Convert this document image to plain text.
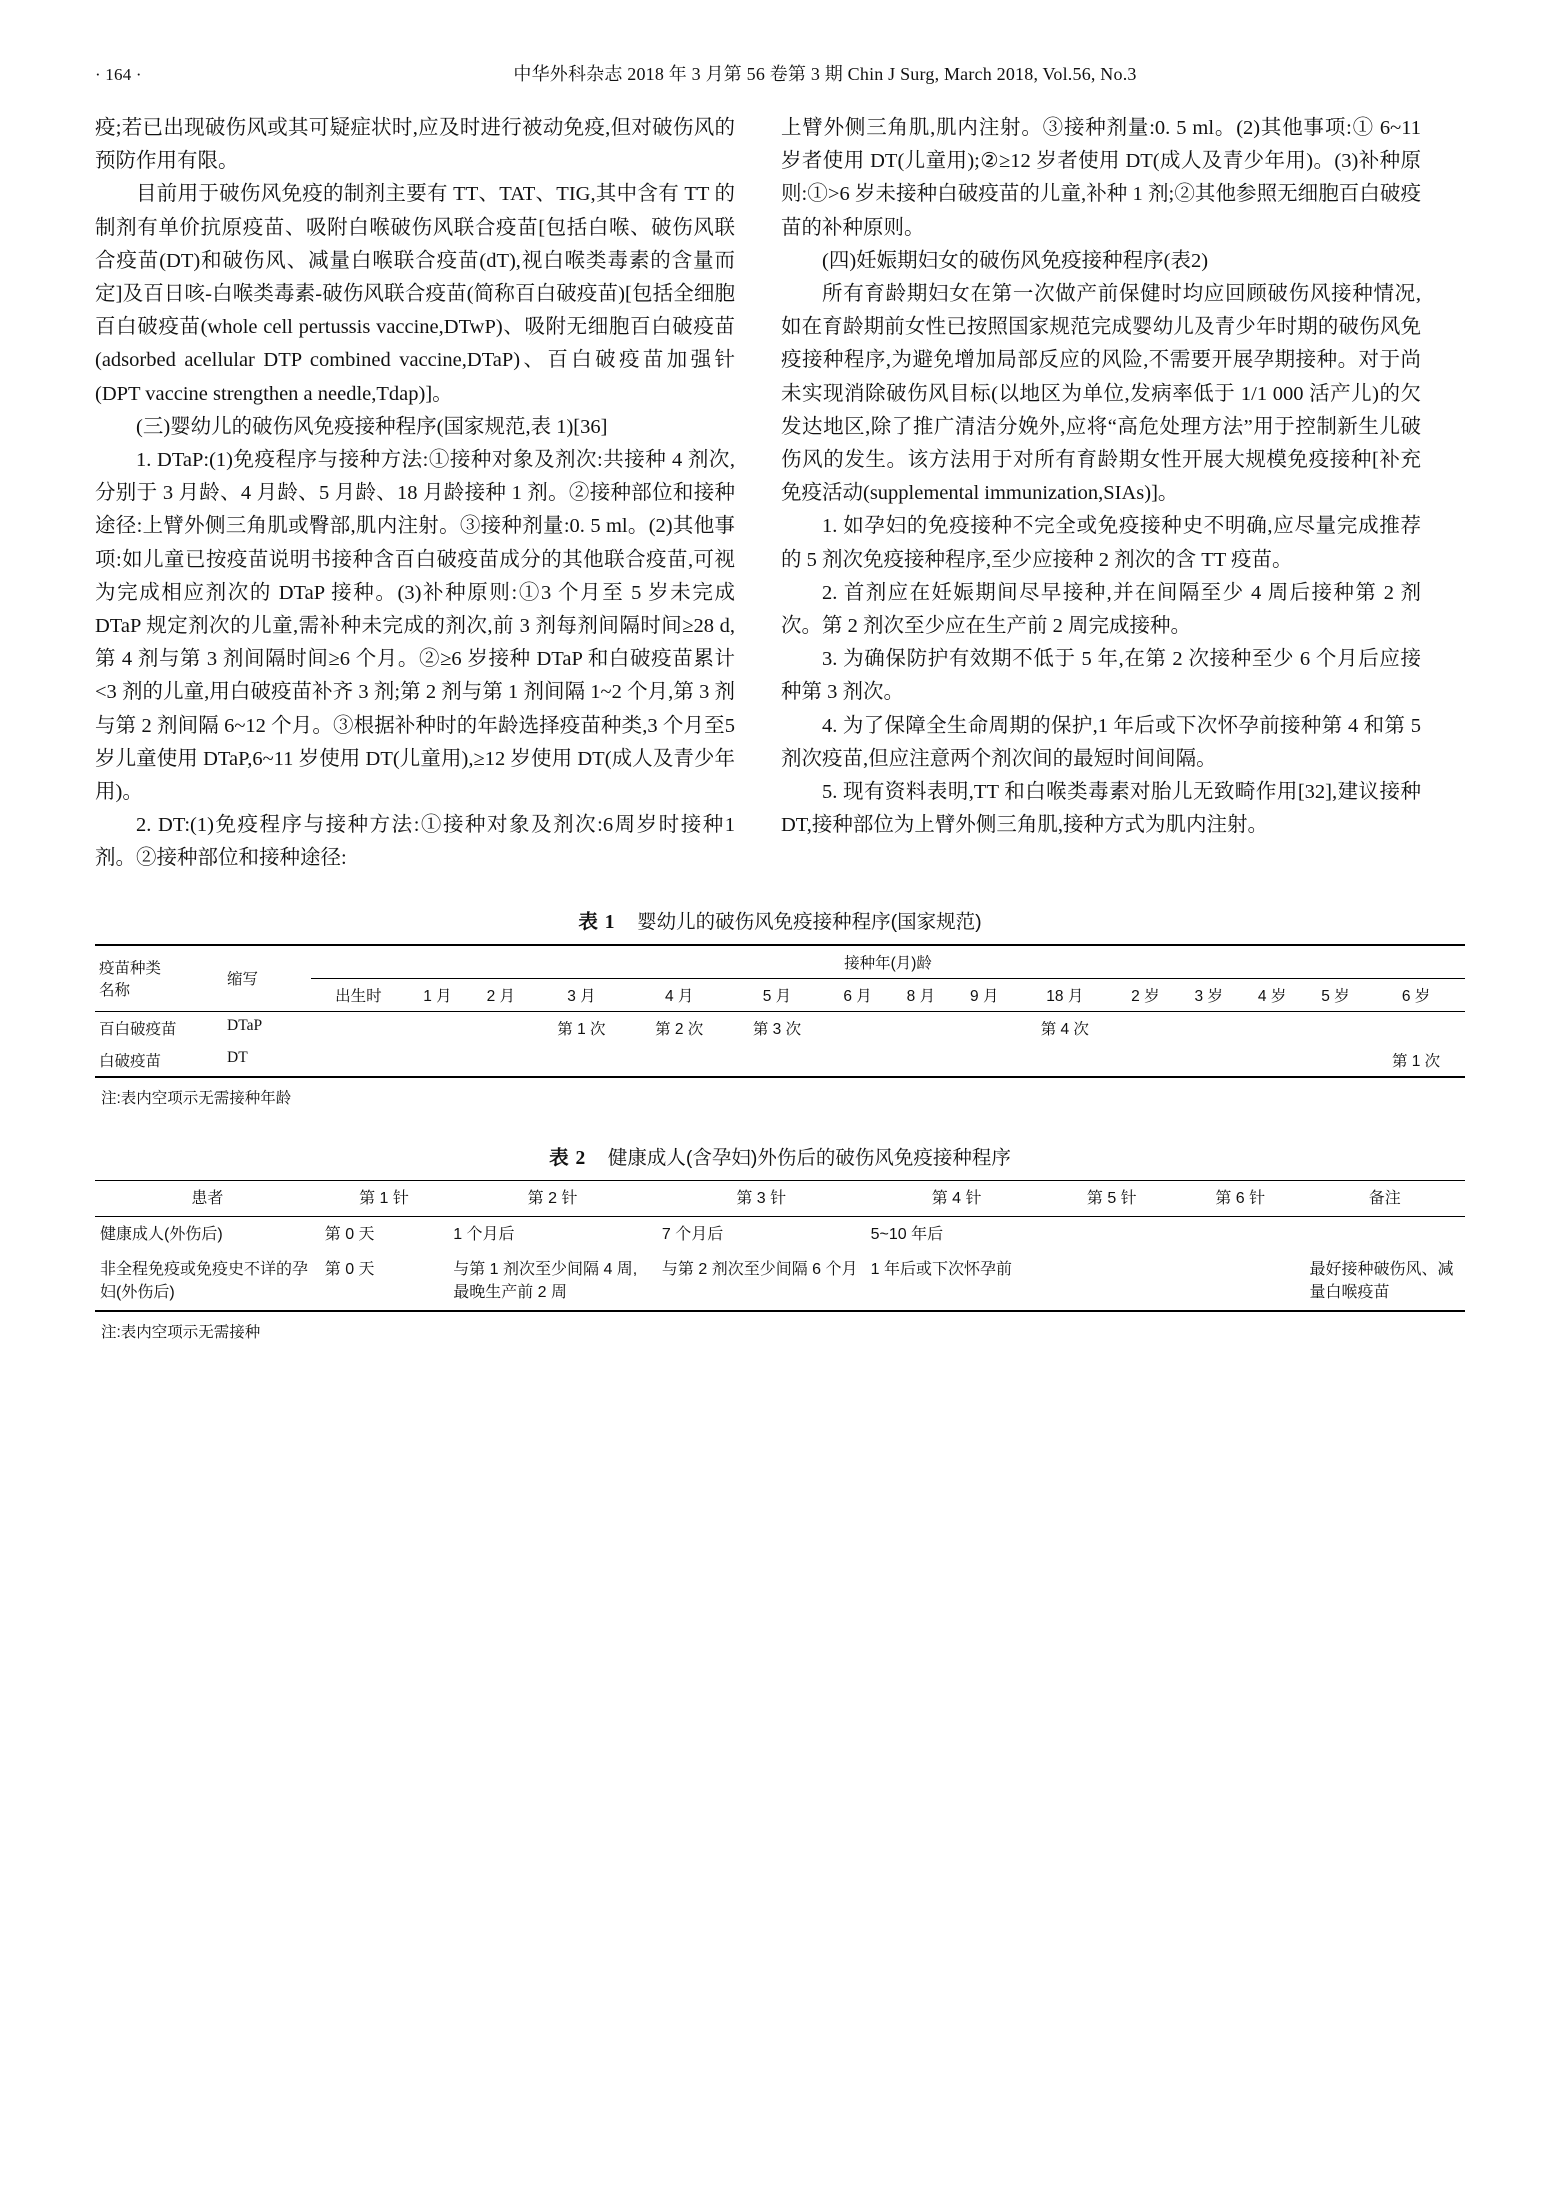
· 164 ·	中华外科杂志 2018 年 3 月第 56 卷第 3 期 Chin J Surg, March 2018, Vol.56, No.3

疫;若已出现破伤风或其可疑症状时,应及时进行被动免疫,但对破伤风的预防作用有限。

目前用于破伤风免疫的制剂主要有 TT、TAT、TIG,其中含有 TT 的制剂有单价抗原疫苗、吸附白喉破伤风联合疫苗[包括白喉、破伤风联合疫苗(DT)和破伤风、减量白喉联合疫苗(dT),视白喉类毒素的含量而定]及百日咳-白喉类毒素-破伤风联合疫苗(简称百白破疫苗)[包括全细胞百白破疫苗(whole cell pertussis vaccine,DTwP)、吸附无细胞百白破疫苗(adsorbed acellular DTP combined vaccine,DTaP)、百白破疫苗加强针(DPT vaccine strengthen a needle,Tdap)]。

(三)婴幼儿的破伤风免疫接种程序(国家规范,表 1)[36]

1. DTaP:(1)免疫程序与接种方法:①接种对象及剂次:共接种 4 剂次,分别于 3 月龄、4 月龄、5 月龄、18 月龄接种 1 剂。②接种部位和接种途径:上臂外侧三角肌或臀部,肌内注射。③接种剂量:0. 5 ml。(2)其他事项:如儿童已按疫苗说明书接种含百白破疫苗成分的其他联合疫苗,可视为完成相应剂次的 DTaP 接种。(3)补种原则:①3 个月至 5 岁未完成 DTaP 规定剂次的儿童,需补种未完成的剂次,前 3 剂每剂间隔时间≥28 d,第 4 剂与第 3 剂间隔时间≥6 个月。②≥6 岁接种 DTaP 和白破疫苗累计<3 剂的儿童,用白破疫苗补齐 3 剂;第 2 剂与第 1 剂间隔 1~2 个月,第 3 剂与第 2 剂间隔 6~12 个月。③根据补种时的年龄选择疫苗种类,3 个月至5 岁儿童使用 DTaP,6~11 岁使用 DT(儿童用),≥12 岁使用 DT(成人及青少年用)。

2. DT:(1)免疫程序与接种方法:①接种对象及剂次:6周岁时接种1剂。②接种部位和接种途径:

上臂外侧三角肌,肌内注射。③接种剂量:0. 5 ml。(2)其他事项:① 6~11 岁者使用 DT(儿童用);②≥12 岁者使用 DT(成人及青少年用)。(3)补种原则:①>6 岁未接种白破疫苗的儿童,补种 1 剂;②其他参照无细胞百白破疫苗的补种原则。

(四)妊娠期妇女的破伤风免疫接种程序(表2)

所有育龄期妇女在第一次做产前保健时均应回顾破伤风接种情况,如在育龄期前女性已按照国家规范完成婴幼儿及青少年时期的破伤风免疫接种程序,为避免增加局部反应的风险,不需要开展孕期接种。对于尚未实现消除破伤风目标(以地区为单位,发病率低于 1/1 000 活产儿)的欠发达地区,除了推广清洁分娩外,应将“高危处理方法”用于控制新生儿破伤风的发生。该方法用于对所有育龄期女性开展大规模免疫接种[补充免疫活动(supplemental immunization,SIAs)]。

1. 如孕妇的免疫接种不完全或免疫接种史不明确,应尽量完成推荐的 5 剂次免疫接种程序,至少应接种 2 剂次的含 TT 疫苗。

2. 首剂应在妊娠期间尽早接种,并在间隔至少 4 周后接种第 2 剂次。第 2 剂次至少应在生产前 2 周完成接种。

3. 为确保防护有效期不低于 5 年,在第 2 次接种至少 6 个月后应接种第 3 剂次。

4. 为了保障全生命周期的保护,1 年后或下次怀孕前接种第 4 和第 5 剂次疫苗,但应注意两个剂次间的最短时间间隔。

5. 现有资料表明,TT 和白喉类毒素对胎儿无致畸作用[32],建议接种 DT,接种部位为上臂外侧三角肌,接种方式为肌内注射。

表 1 婴幼儿的破伤风免疫接种程序(国家规范)
疫苗种类
名称	缩写	接种年(月)龄														
		出生时	1 月	2 月	3 月	4 月	5 月	6 月	8 月	9 月	18 月	2 岁	3 岁	4 岁	5 岁	6 岁
百白破疫苗	DTaP				第 1 次	第 2 次	第 3 次				第 4 次					
白破疫苗	DT															第 1 次
注:表内空项示无需接种年龄
表 2 健康成人(含孕妇)外伤后的破伤风免疫接种程序
患者	第 1 针	第 2 针	第 3 针	第 4 针	第 5 针	第 6 针	备注
健康成人(外伤后)	第 0 天	1 个月后	7 个月后	5~10 年后			
非全程免疫或免疫史不详的孕妇(外伤后)	第 0 天	与第 1 剂次至少间隔 4 周,最晚生产前 2 周	与第 2 剂次至少间隔 6 个月	1 年后或下次怀孕前			最好接种破伤风、减量白喉疫苗
注:表内空项示无需接种
